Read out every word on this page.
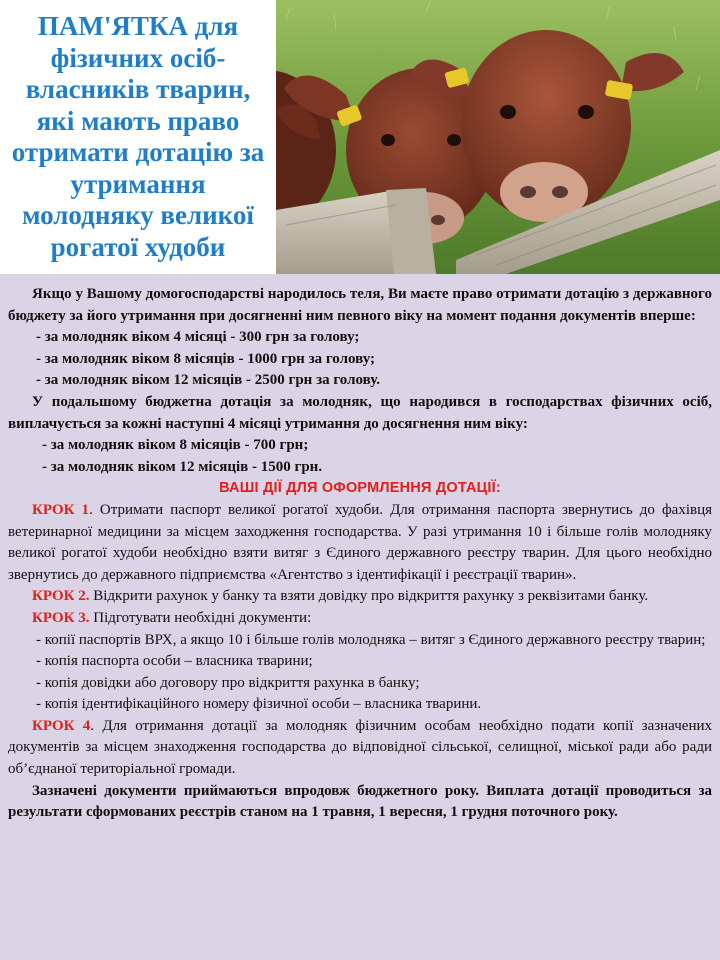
ПАМ'ЯТКА для фізичних осіб-власників тварин, які мають право отримати дотацію за утримання молодняку великої рогатої худоби

Якщо у Вашому домогосподарстві народилось теля, Ви маєте право отримати дотацію з державного бюджету за його утримання при досягненні ним певного віку на момент подання документів вперше:

- за молодняк віком 4 місяці - 300 грн за голову;

- за молодняк віком 8 місяців - 1000 грн за голову;

- за молодняк віком 12 місяців - 2500 грн за голову.

У подальшому бюджетна дотація за молодняк, що народився в господарствах фізичних осіб, виплачується за кожні наступні 4 місяці утримання до досягнення ним віку:

- за молодняк віком 8 місяців - 700 грн;

- за молодняк віком 12 місяців - 1500 грн.

ВАШІ ДІЇ ДЛЯ ОФОРМЛЕННЯ ДОТАЦІЇ:

КРОК 1. Отримати паспорт великої рогатої худоби. Для отримання паспорта звернутись до фахівця ветеринарної медицини за місцем заходження господарства. У разі утримання 10 і більше голів молодняку великої рогатої худоби необхідно взяти витяг з Єдиного державного реєстру тварин. Для цього необхідно звернутись до державного підприємства «Агентство з ідентифікації і реєстрації тварин».

КРОК 2. Відкрити рахунок у банку та взяти довідку про відкриття рахунку з реквізитами банку.

КРОК 3. Підготувати необхідні документи:

- копії паспортів ВРХ, а якщо 10 і більше голів молодняка – витяг з Єдиного державного реєстру тварин;

- копія паспорта особи – власника тварини;

- копія довідки або договору про відкриття рахунка в банку;

- копія ідентифікаційного номеру фізичної особи – власника тварини.

КРОК 4. Для отримання дотації за молодняк фізичним особам необхідно подати копії зазначених документів за місцем знаходження господарства до відповідної сільської, селищної, міської ради або ради об’єднаної територіальної громади.

Зазначені документи приймаються впродовж бюджетного року. Виплата дотації проводиться за результати сформованих реєстрів станом на 1 травня, 1 вересня, 1 грудня поточного року.
